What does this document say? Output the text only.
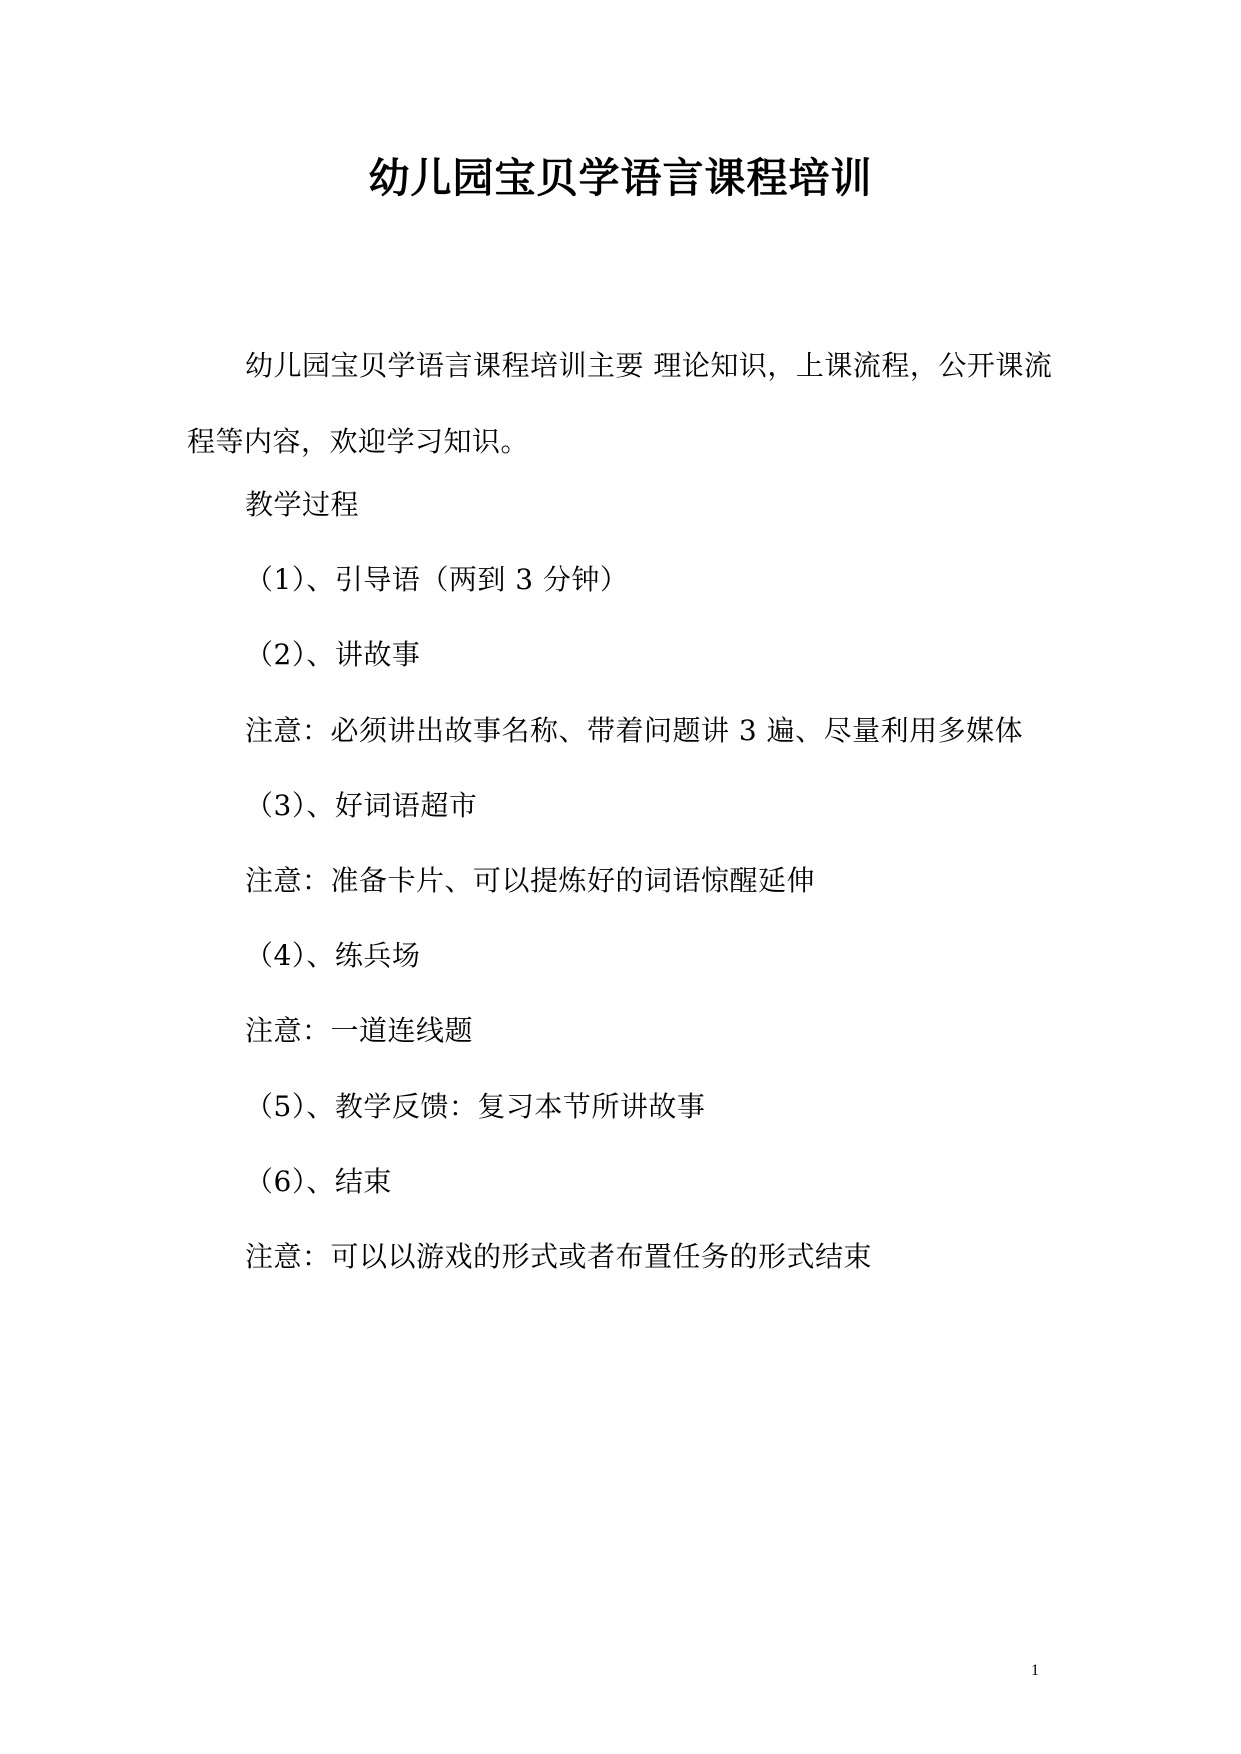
幼儿园宝贝学语言课程培训

幼儿园宝贝学语言课程培训主要 理论知识，上课流程，公开课流程等内容，欢迎学习知识。

教学过程
（1）、引导语（两到 3 分钟）
（2）、讲故事
注意：必须讲出故事名称、带着问题讲 3 遍、尽量利用多媒体
（3）、好词语超市
注意：准备卡片、可以提炼好的词语惊醒延伸
（4）、练兵场
注意：一道连线题
（5）、教学反馈：复习本节所讲故事
（6）、结束
注意：可以以游戏的形式或者布置任务的形式结束
1
